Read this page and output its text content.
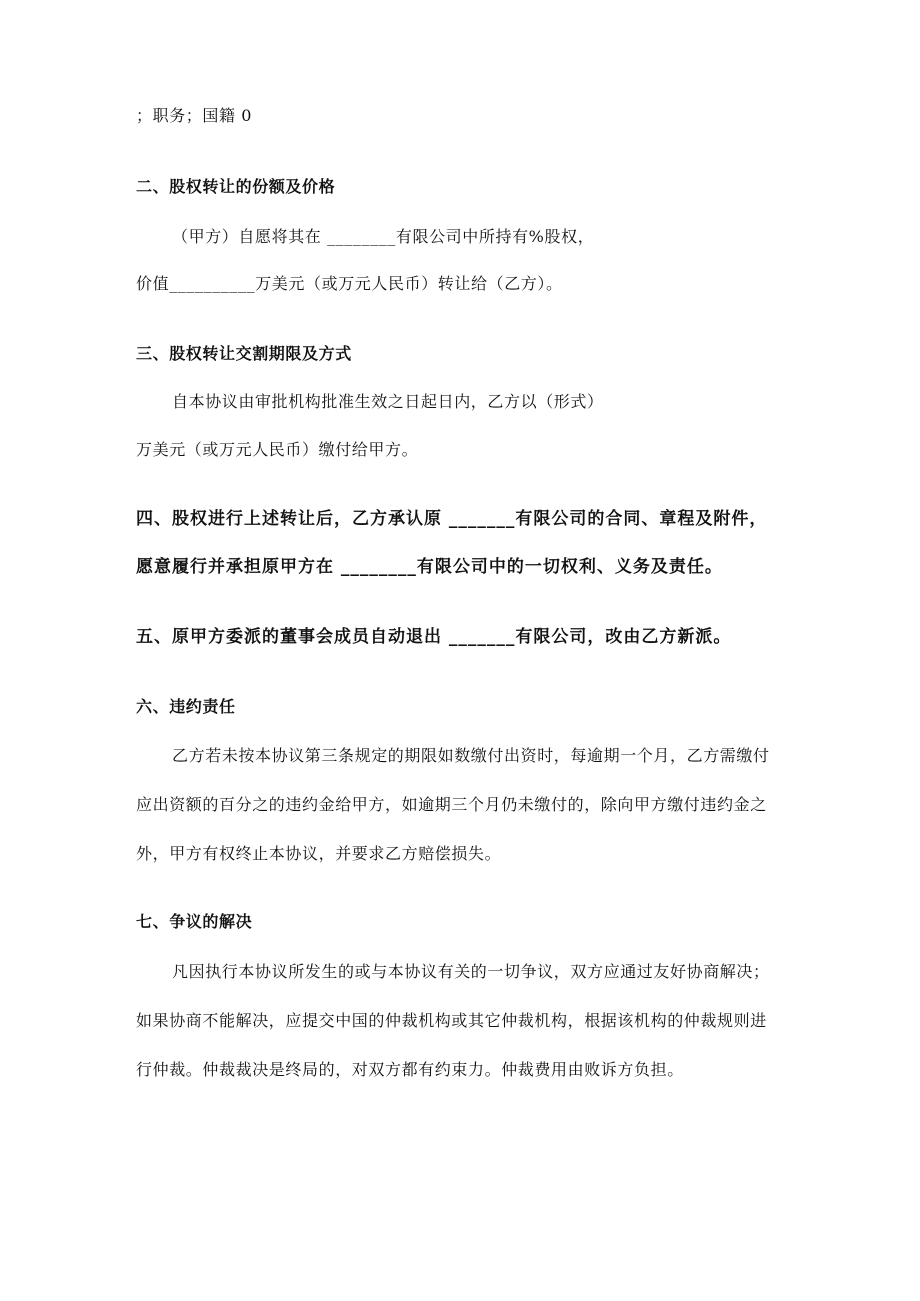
；职务；国籍 0
二、股权转让的份额及价格
（甲方）自愿将其在 ________有限公司中所持有%股权，
价值__________万美元（或万元人民币）转让给（乙方）。
三、股权转让交割期限及方式
自本协议由审批机构批准生效之日起日内，乙方以（形式）
万美元（或万元人民币）缴付给甲方。
四、股权进行上述转让后，乙方承认原 _______有限公司的合同、章程及附件，
愿意履行并承担原甲方在 ________有限公司中的一切权利、义务及责任。
五、原甲方委派的董事会成员自动退出 _______有限公司，改由乙方新派。
六、违约责任
乙方若未按本协议第三条规定的期限如数缴付出资时，每逾期一个月，乙方需缴付
应出资额的百分之的违约金给甲方，如逾期三个月仍未缴付的，除向甲方缴付违约金之
外，甲方有权终止本协议，并要求乙方赔偿损失。
七、争议的解决
凡因执行本协议所发生的或与本协议有关的一切争议，双方应通过友好协商解决；
如果协商不能解决，应提交中国的仲裁机构或其它仲裁机构，根据该机构的仲裁规则进
行仲裁。仲裁裁决是终局的，对双方都有约束力。仲裁费用由败诉方负担。
